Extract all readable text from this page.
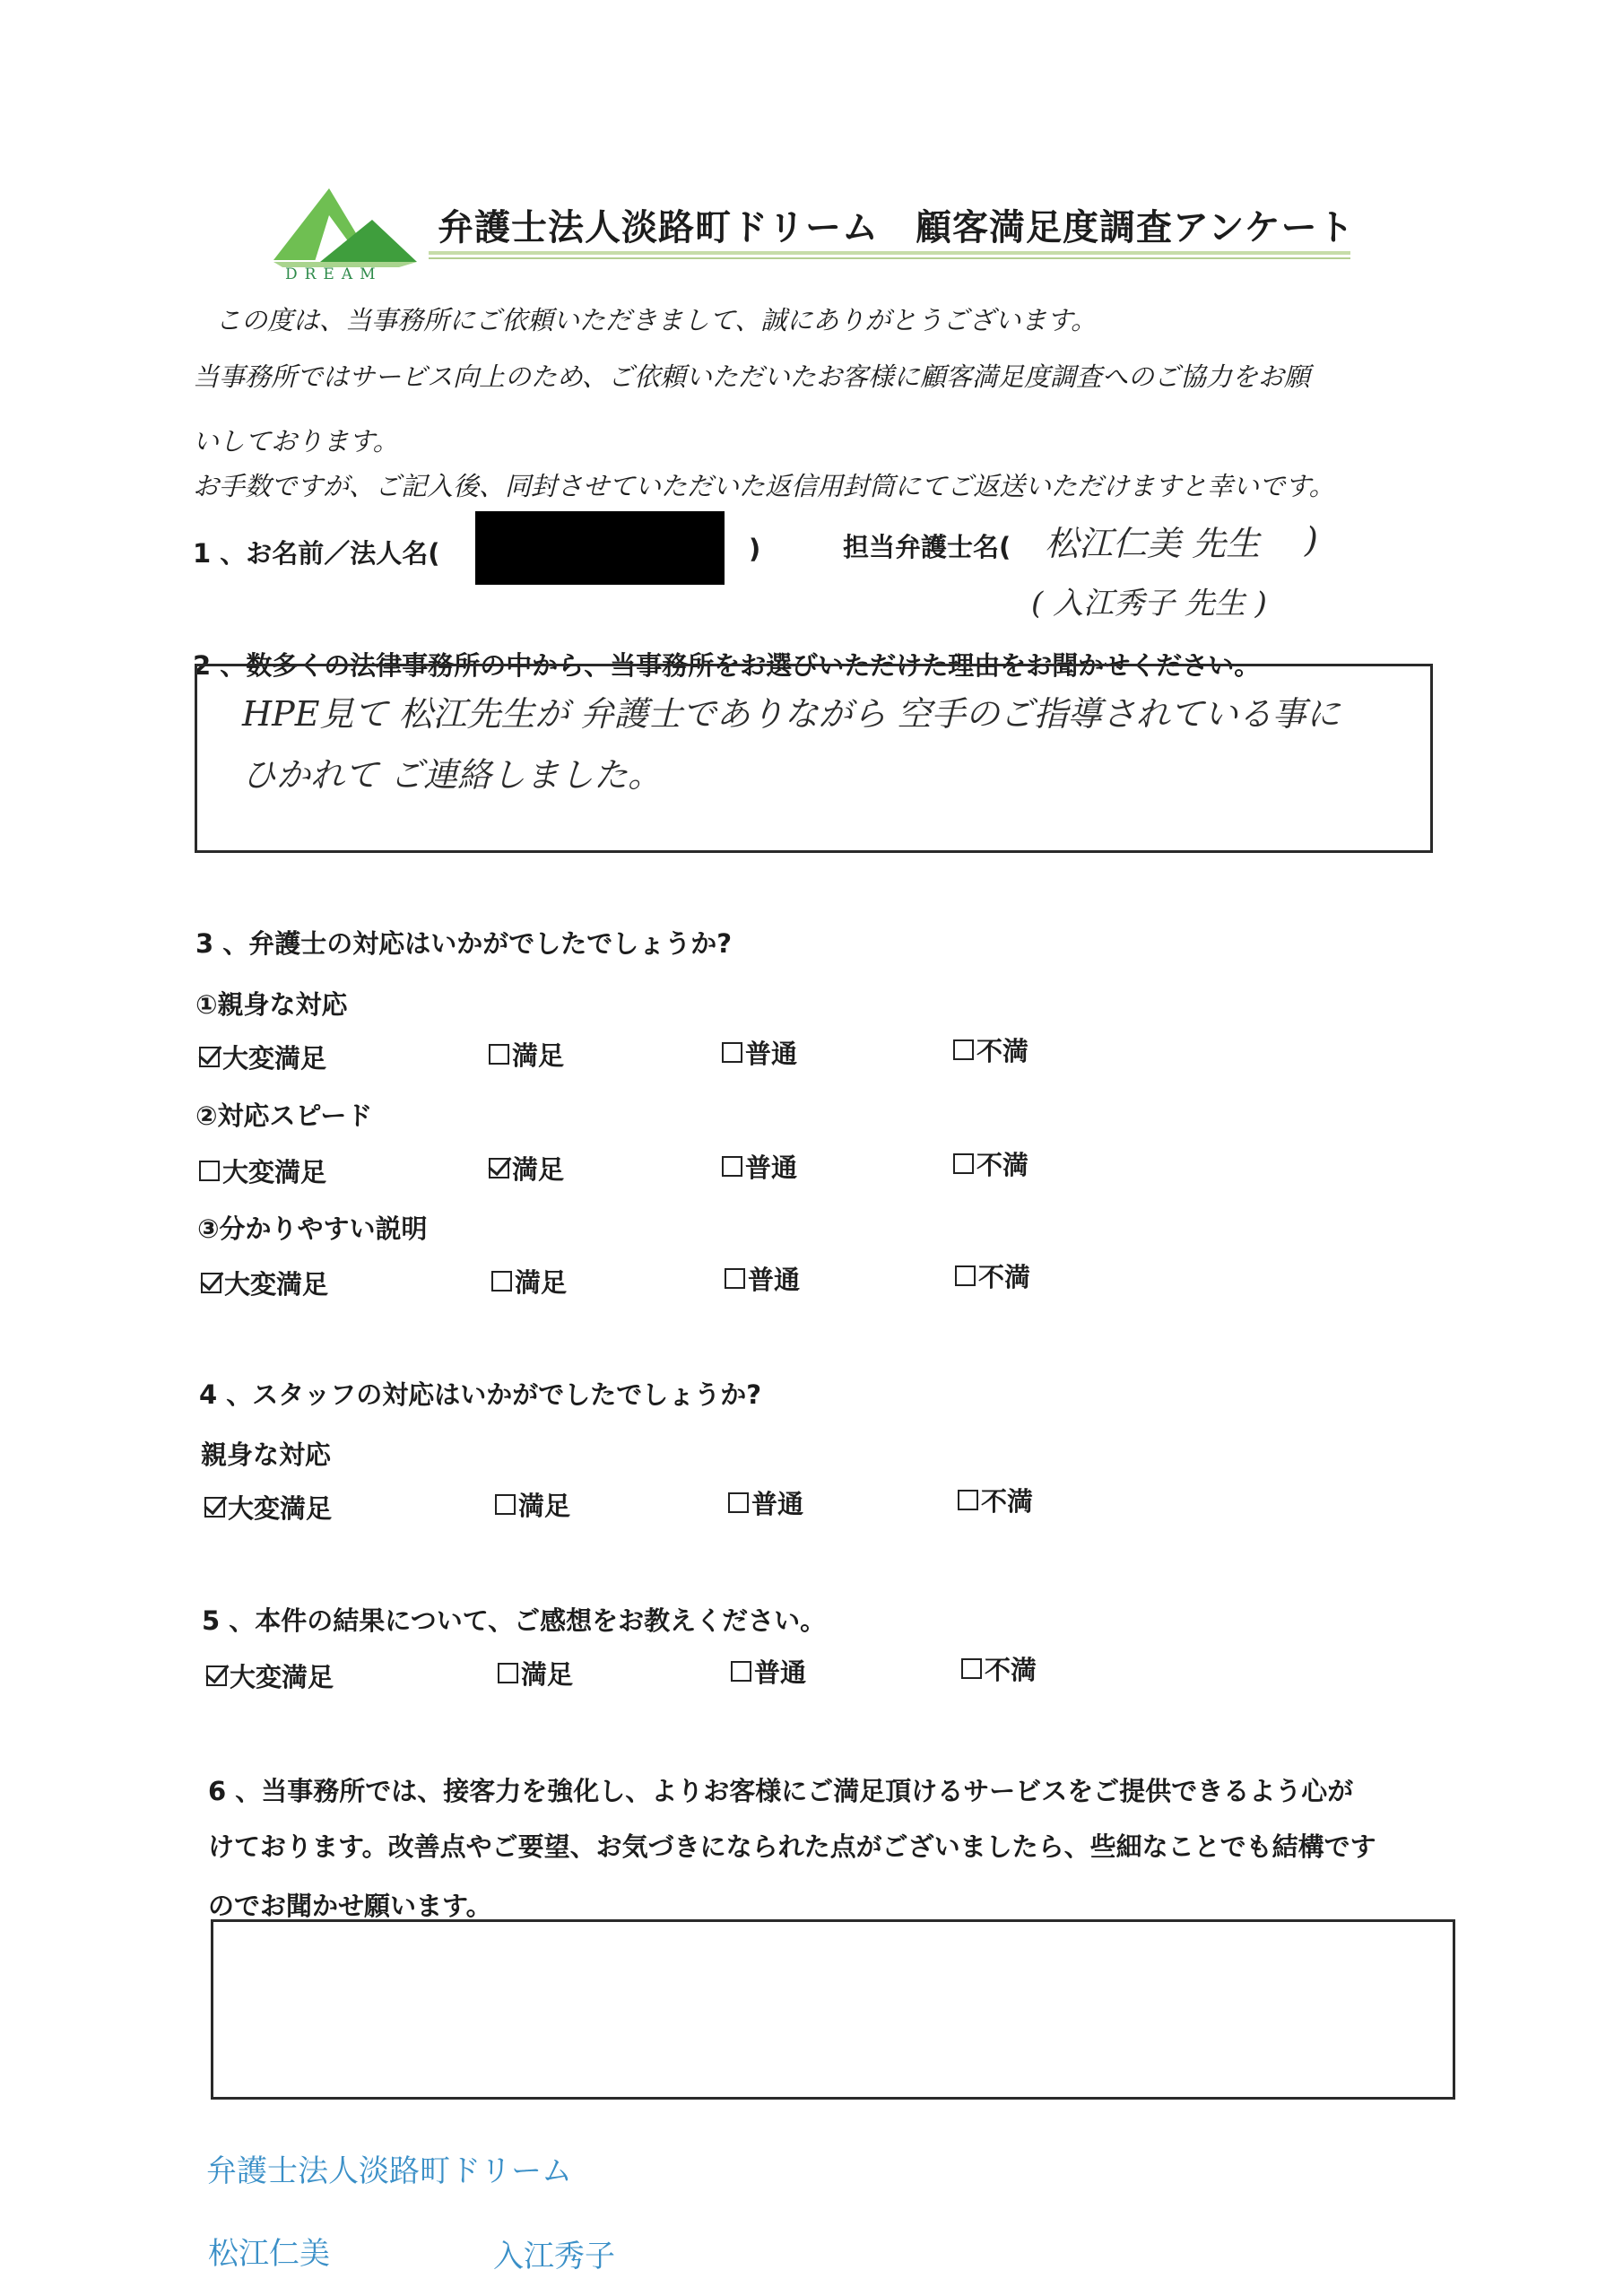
DREAM
弁護士法人淡路町ドリーム　顧客満足度調査アンケート
この度は、当事務所にご依頼いただきまして、誠にありがとうございます。
当事務所ではサービス向上のため、ご依頼いただいたお客様に顧客満足度調査へのご協力をお願
いしております。
お手数ですが、ご記入後、同封させていただいた返信用封筒にてご返送いただけますと幸いです。
1 、お名前／法人名(	)	担当弁護士名( 松江仁美 先生 )
( 入江秀子 先生 )
2 、数多くの法律事務所の中から、当事務所をお選びいただけた理由をお聞かせください。
HPE見て 松江先生が 弁護士でありながら 空手のご指導されている事に
ひかれて ご連絡しました。
3 、弁護士の対応はいかがでしたでしょうか?
①親身な対応
大変満足	満足	普通	不満
②対応スピード
大変満足	満足	普通	不満
③分かりやすい説明
大変満足	満足	普通	不満
4 、スタッフの対応はいかがでしたでしょうか?
親身な対応
大変満足	満足	普通	不満
5 、本件の結果について、ご感想をお教えください。
大変満足	満足	普通	不満
6 、当事務所では、接客力を強化し、よりお客様にご満足頂けるサービスをご提供できるよう心が
けております。改善点やご要望、お気づきになられた点がございましたら、些細なことでも結構です
のでお聞かせ願います。
弁護士法人淡路町ドリーム
松江仁美	入江秀子
